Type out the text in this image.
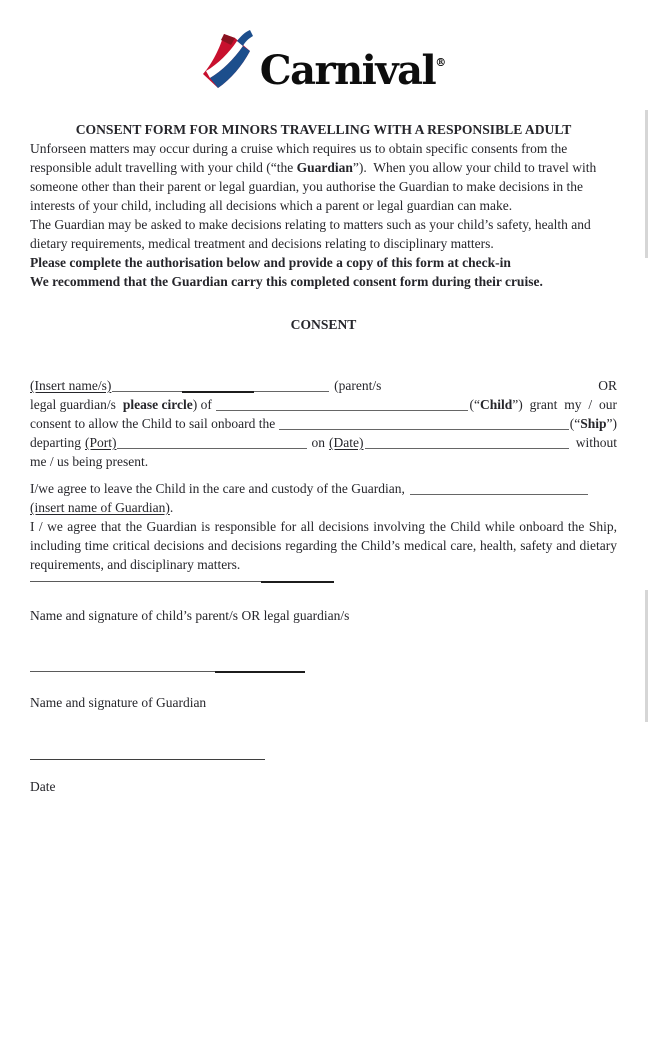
Carnival®
CONSENT FORM FOR MINORS TRAVELLING WITH A RESPONSIBLE ADULT

Unforseen matters may occur during a cruise which requires us to obtain specific consents from the responsible adult travelling with your child (“the Guardian”).  When you allow your child to travel with someone other than their parent or legal guardian, you authorise the Guardian to make decisions in the interests of your child, including all decisions which a parent or legal guardian can make.

The Guardian may be asked to make decisions relating to matters such as your child’s safety, health and dietary requirements, medical treatment and decisions relating to disciplinary matters.

Please complete the authorisation below and provide a copy of this form at check-in

We recommend that the Guardian carry this completed consent form during their cruise.

CONSENT
(Insert name/s)	(parent/s	OR
legal guardian/s please circle ) of	(“Child”) grant my / our
consent to allow the Child to sail onboard the	(“Ship”)
departing (Port)	on (Date)	without

me / us being present.

I/we agree to leave the Child in the care and custody of the Guardian,

(insert name of Guardian).

I / we agree that the Guardian is responsible for all decisions involving the Child while onboard the Ship, including time critical decisions and decisions regarding the Child’s medical care, health, safety and dietary requirements, and disciplinary matters.

Name and signature of child’s parent/s OR legal guardian/s

Name and signature of Guardian

Date
